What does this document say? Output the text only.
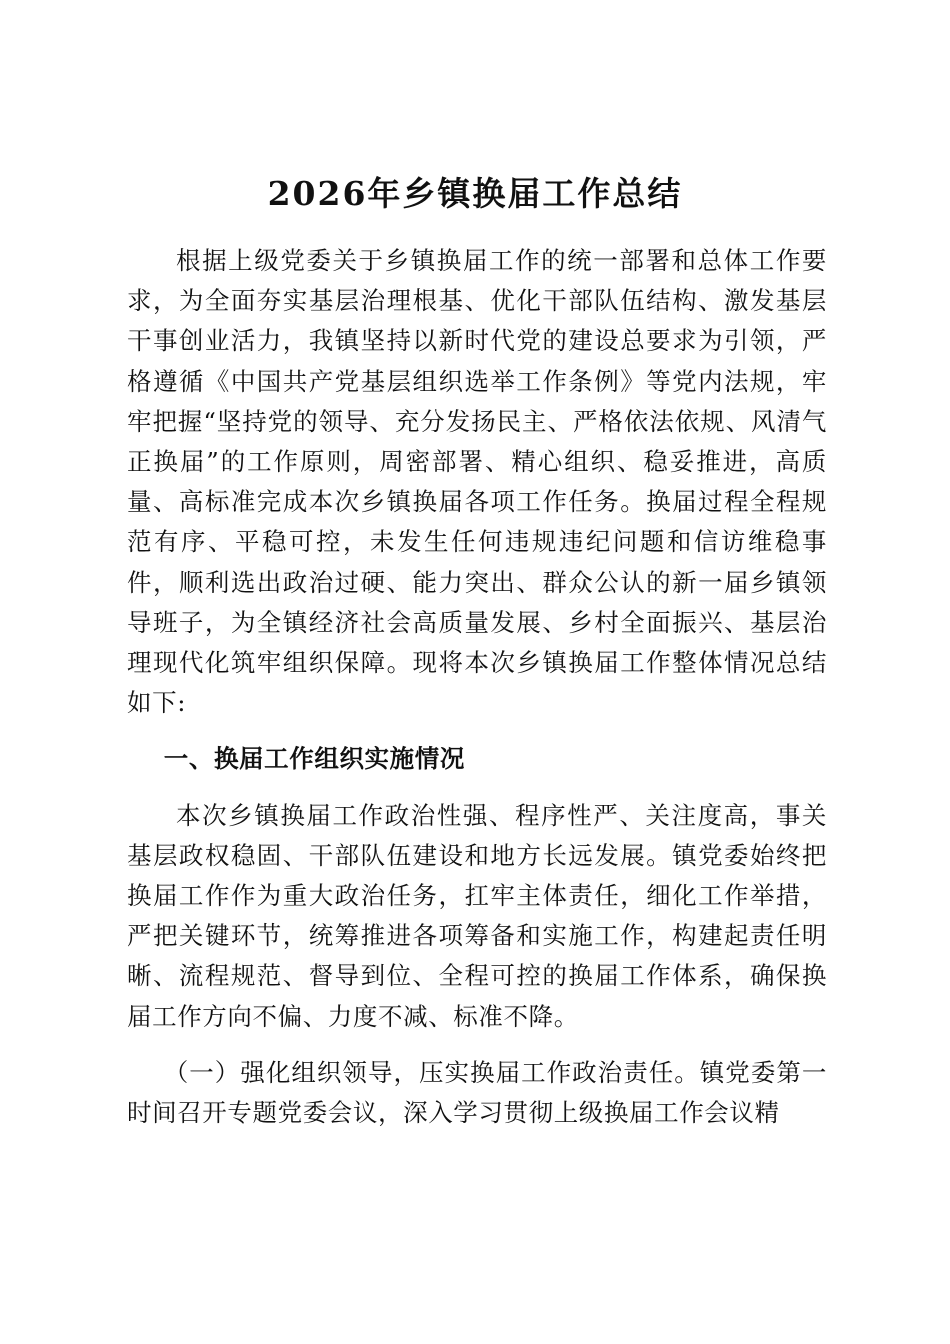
2026年乡镇换届工作总结

根据上级党委关于乡镇换届工作的统一部署和总体工作要求，为全面夯实基层治理根基、优化干部队伍结构、激发基层干事创业活力，我镇坚持以新时代党的建设总要求为引领，严格遵循《中国共产党基层组织选举工作条例》等党内法规，牢牢把握“坚持党的领导、充分发扬民主、严格依法依规、风清气正换届”的工作原则，周密部署、精心组织、稳妥推进，高质量、高标准完成本次乡镇换届各项工作任务。换届过程全程规范有序、平稳可控，未发生任何违规违纪问题和信访维稳事件，顺利选出政治过硬、能力突出、群众公认的新一届乡镇领导班子，为全镇经济社会高质量发展、乡村全面振兴、基层治理现代化筑牢组织保障。现将本次乡镇换届工作整体情况总结如下:

一、换届工作组织实施情况

本次乡镇换届工作政治性强、程序性严、关注度高，事关基层政权稳固、干部队伍建设和地方长远发展。镇党委始终把换届工作作为重大政治任务，扛牢主体责任，细化工作举措，严把关键环节，统筹推进各项筹备和实施工作，构建起责任明晰、流程规范、督导到位、全程可控的换届工作体系，确保换届工作方向不偏、力度不减、标准不降。

（一）强化组织领导，压实换届工作政治责任。镇党委第一时间召开专题党委会议，深入学习贯彻上级换届工作会议精
